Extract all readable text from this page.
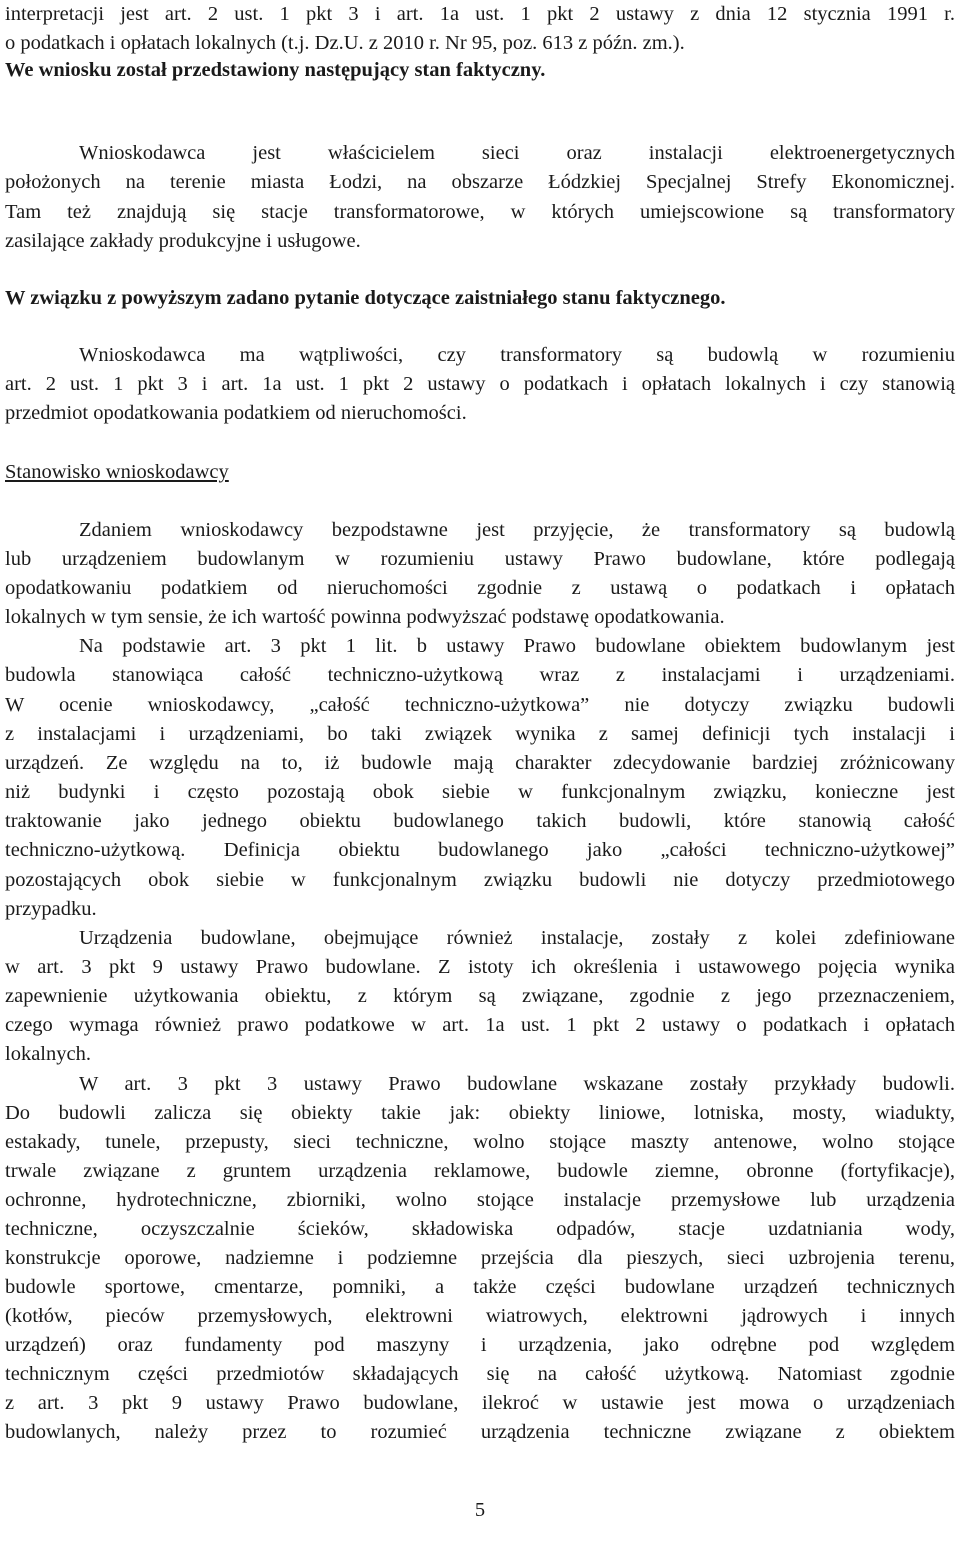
interpretacji jest art. 2 ust. 1 pkt 3 i art. 1a ust. 1 pkt 2 ustawy z dnia 12 stycznia 1991 r.
o podatkach i opłatach lokalnych (t.j. Dz.U. z 2010 r. Nr 95, poz. 613 z późn. zm.).
We wniosku został przedstawiony następujący stan faktyczny.
Wnioskodawca jest właścicielem sieci oraz instalacji elektroenergetycznych
położonych na terenie miasta Łodzi, na obszarze Łódzkiej Specjalnej Strefy Ekonomicznej.
Tam też znajdują się stacje transformatorowe, w których umiejscowione są transformatory
zasilające zakłady produkcyjne i usługowe.
W związku z powyższym zadano pytanie dotyczące zaistniałego stanu faktycznego.
Wnioskodawca ma wątpliwości, czy transformatory są budowlą w rozumieniu
art. 2 ust. 1 pkt 3 i art. 1a ust. 1 pkt 2 ustawy o podatkach i opłatach lokalnych i czy stanowią
przedmiot opodatkowania podatkiem od nieruchomości.
Stanowisko wnioskodawcy
Zdaniem wnioskodawcy bezpodstawne jest przyjęcie, że transformatory są budowlą
lub urządzeniem budowlanym w rozumieniu ustawy Prawo budowlane, które podlegają
opodatkowaniu podatkiem od nieruchomości zgodnie z ustawą o podatkach i opłatach
lokalnych w tym sensie, że ich wartość powinna podwyższać podstawę opodatkowania.
Na podstawie art. 3 pkt 1 lit. b ustawy Prawo budowlane obiektem budowlanym jest
budowla stanowiąca całość techniczno-użytkową wraz z instalacjami i urządzeniami.
W ocenie wnioskodawcy, „całość techniczno-użytkowa” nie dotyczy związku budowli
z instalacjami i urządzeniami, bo taki związek wynika z samej definicji tych instalacji i
urządzeń. Ze względu na to, iż budowle mają charakter zdecydowanie bardziej zróżnicowany
niż budynki i często pozostają obok siebie w funkcjonalnym związku, konieczne jest
traktowanie jako jednego obiektu budowlanego takich budowli, które stanowią całość
techniczno-użytkową. Definicja obiektu budowlanego jako „całości techniczno-użytkowej”
pozostających obok siebie w funkcjonalnym związku budowli nie dotyczy przedmiotowego
przypadku.
Urządzenia budowlane, obejmujące również instalacje, zostały z kolei zdefiniowane
w art. 3 pkt 9 ustawy Prawo budowlane. Z istoty ich określenia i ustawowego pojęcia wynika
zapewnienie użytkowania obiektu, z którym są związane, zgodnie z jego przeznaczeniem,
czego wymaga również prawo podatkowe w art. 1a ust. 1 pkt 2 ustawy o podatkach i opłatach
lokalnych.
W art. 3 pkt 3 ustawy Prawo budowlane wskazane zostały przykłady budowli.
Do budowli zalicza się obiekty takie jak: obiekty liniowe, lotniska, mosty, wiadukty,
estakady, tunele, przepusty, sieci techniczne, wolno stojące maszty antenowe, wolno stojące
trwale związane z gruntem urządzenia reklamowe, budowle ziemne, obronne (fortyfikacje),
ochronne, hydrotechniczne, zbiorniki, wolno stojące instalacje przemysłowe lub urządzenia
techniczne, oczyszczalnie ścieków, składowiska odpadów, stacje uzdatniania wody,
konstrukcje oporowe, nadziemne i podziemne przejścia dla pieszych, sieci uzbrojenia terenu,
budowle sportowe, cmentarze, pomniki, a także części budowlane urządzeń technicznych
(kotłów, pieców przemysłowych, elektrowni wiatrowych, elektrowni jądrowych i innych
urządzeń) oraz fundamenty pod maszyny i urządzenia, jako odrębne pod względem
technicznym części przedmiotów składających się na całość użytkową. Natomiast zgodnie
z art. 3 pkt 9 ustawy Prawo budowlane, ilekroć w ustawie jest mowa o urządzeniach
budowlanych, należy przez to rozumieć urządzenia techniczne związane z obiektem
5
